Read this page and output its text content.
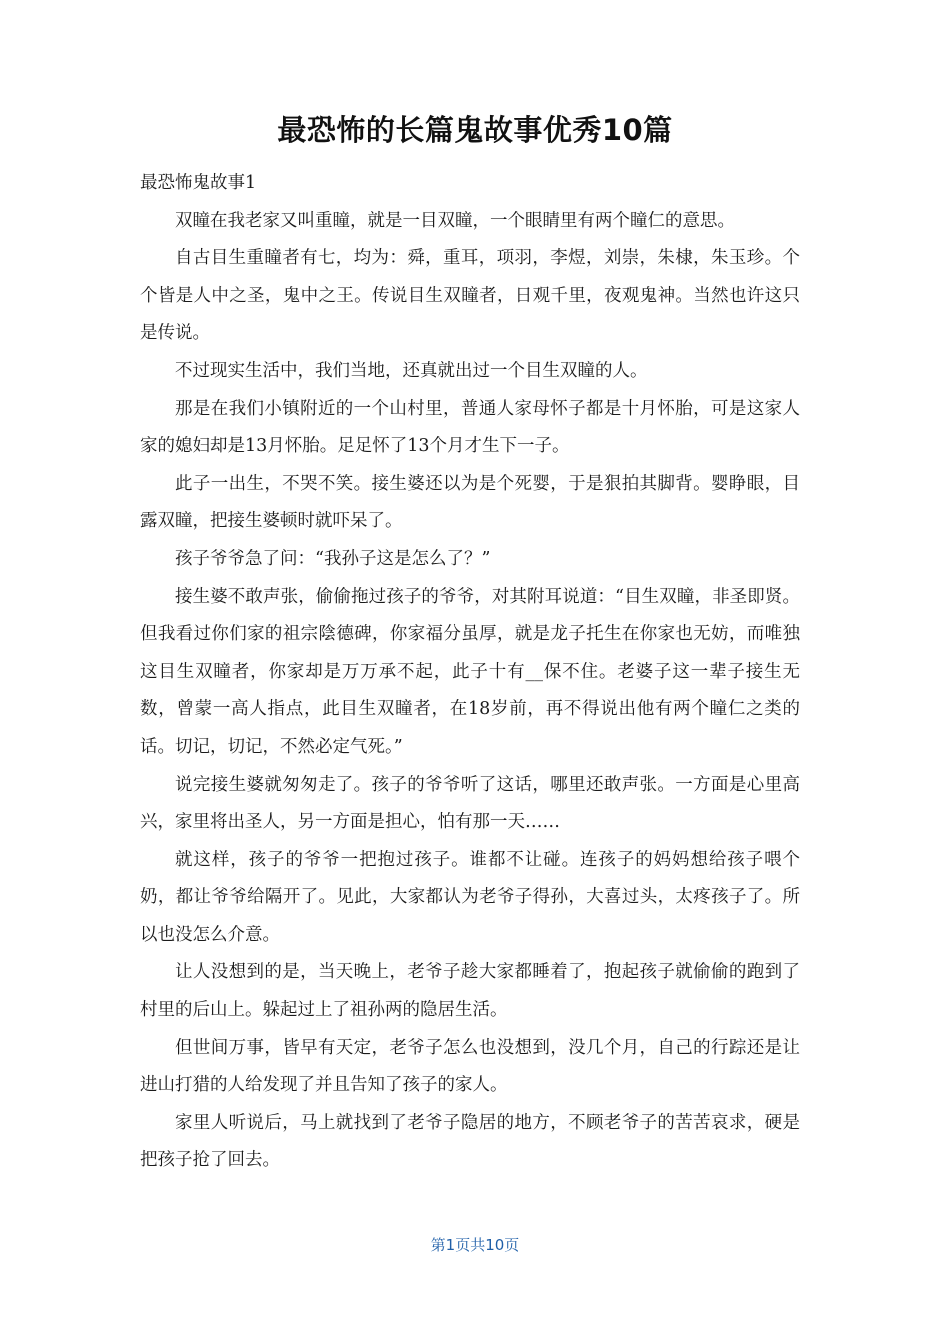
最恐怖的长篇鬼故事优秀10篇

最恐怖鬼故事1

双瞳在我老家又叫重瞳，就是一目双瞳，一个眼睛里有两个瞳仁的意思。

自古目生重瞳者有七，均为：舜，重耳，项羽，李煜，刘崇，朱棣，朱玉珍。个个皆是人中之圣，鬼中之王。传说目生双瞳者，日观千里，夜观鬼神。当然也许这只是传说。

不过现实生活中，我们当地，还真就出过一个目生双瞳的人。

那是在我们小镇附近的一个山村里，普通人家母怀子都是十月怀胎，可是这家人家的媳妇却是13月怀胎。足足怀了13个月才生下一子。

此子一出生，不哭不笑。接生婆还以为是个死婴，于是狠拍其脚背。婴睁眼，目露双瞳，把接生婆顿时就吓呆了。

孩子爷爷急了问：“我孙子这是怎么了？”

接生婆不敢声张，偷偷拖过孩子的爷爷，对其附耳说道：“目生双瞳，非圣即贤。但我看过你们家的祖宗陰德碑，你家福分虽厚，就是龙子托生在你家也无妨，而唯独这目生双瞳者，你家却是万万承不起，此子十有__保不住。老婆子这一辈子接生无数，曾蒙一高人指点，此目生双瞳者，在18岁前，再不得说出他有两个瞳仁之类的话。切记，切记，不然必定气死。”

说完接生婆就匆匆走了。孩子的爷爷听了这话，哪里还敢声张。一方面是心里高兴，家里将出圣人，另一方面是担心，怕有那一天……

就这样，孩子的爷爷一把抱过孩子。谁都不让碰。连孩子的妈妈想给孩子喂个奶，都让爷爷给隔开了。见此，大家都认为老爷子得孙，大喜过头，太疼孩子了。所以也没怎么介意。

让人没想到的是，当天晚上，老爷子趁大家都睡着了，抱起孩子就偷偷的跑到了村里的后山上。躲起过上了祖孙两的隐居生活。

但世间万事，皆早有天定，老爷子怎么也没想到，没几个月，自己的行踪还是让进山打猎的人给发现了并且告知了孩子的家人。

家里人听说后，马上就找到了老爷子隐居的地方，不顾老爷子的苦苦哀求，硬是把孩子抢了回去。

第1页共10页
